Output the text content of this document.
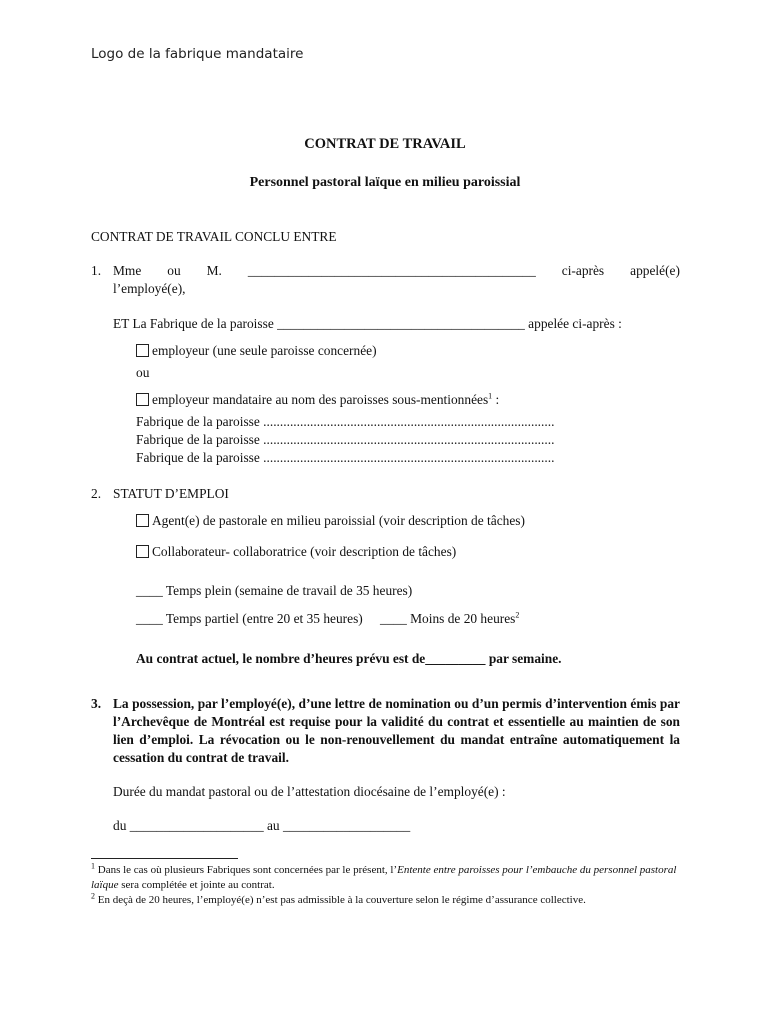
Logo de la fabrique mandataire
CONTRAT DE TRAVAIL
Personnel pastoral laïque en milieu paroissial
CONTRAT DE TRAVAIL CONCLU ENTRE
1. Mme ou M. ___________________________________________ ci-après appelé(e)
l’employé(e),
ET La Fabrique de la paroisse _____________________________________ appelée ci-après :
employeur (une seule paroisse concernée)
ou
employeur mandataire au nom des paroisses sous-mentionnées$^1$ :
Fabrique de la paroisse .......................................................................................
Fabrique de la paroisse .......................................................................................
Fabrique de la paroisse .......................................................................................
2. STATUT D’EMPLOI
Agent(e) de pastorale en milieu paroissial (voir description de tâches)
Collaborateur- collaboratrice (voir description de tâches)
____ Temps plein (semaine de travail de 35 heures)
____ Temps partiel (entre 20 et 35 heures) ____ Moins de 20 heures$^2$
Au contrat actuel, le nombre d’heures prévu est de_________ par semaine.
3. La possession, par l’employé(e), d’une lettre de nomination ou d’un permis d’intervention émis par l’Archevêque de Montréal est requise pour la validité du contrat et essentielle au maintien de son lien d’emploi. La révocation ou le non-renouvellement du mandat entraîne automatiquement la cessation du contrat de travail.
Durée du mandat pastoral ou de l’attestation diocésaine de l’employé(e) :
du ____________________ au ___________________
$^1$ Dans le cas où plusieurs Fabriques sont concernées par le présent, l’Entente entre paroisses pour l’embauche du personnel pastoral laïque sera complétée et jointe au contrat.
$^2$ En deçà de 20 heures, l’employé(e) n’est pas admissible à la couverture selon le régime d’assurance collective.
